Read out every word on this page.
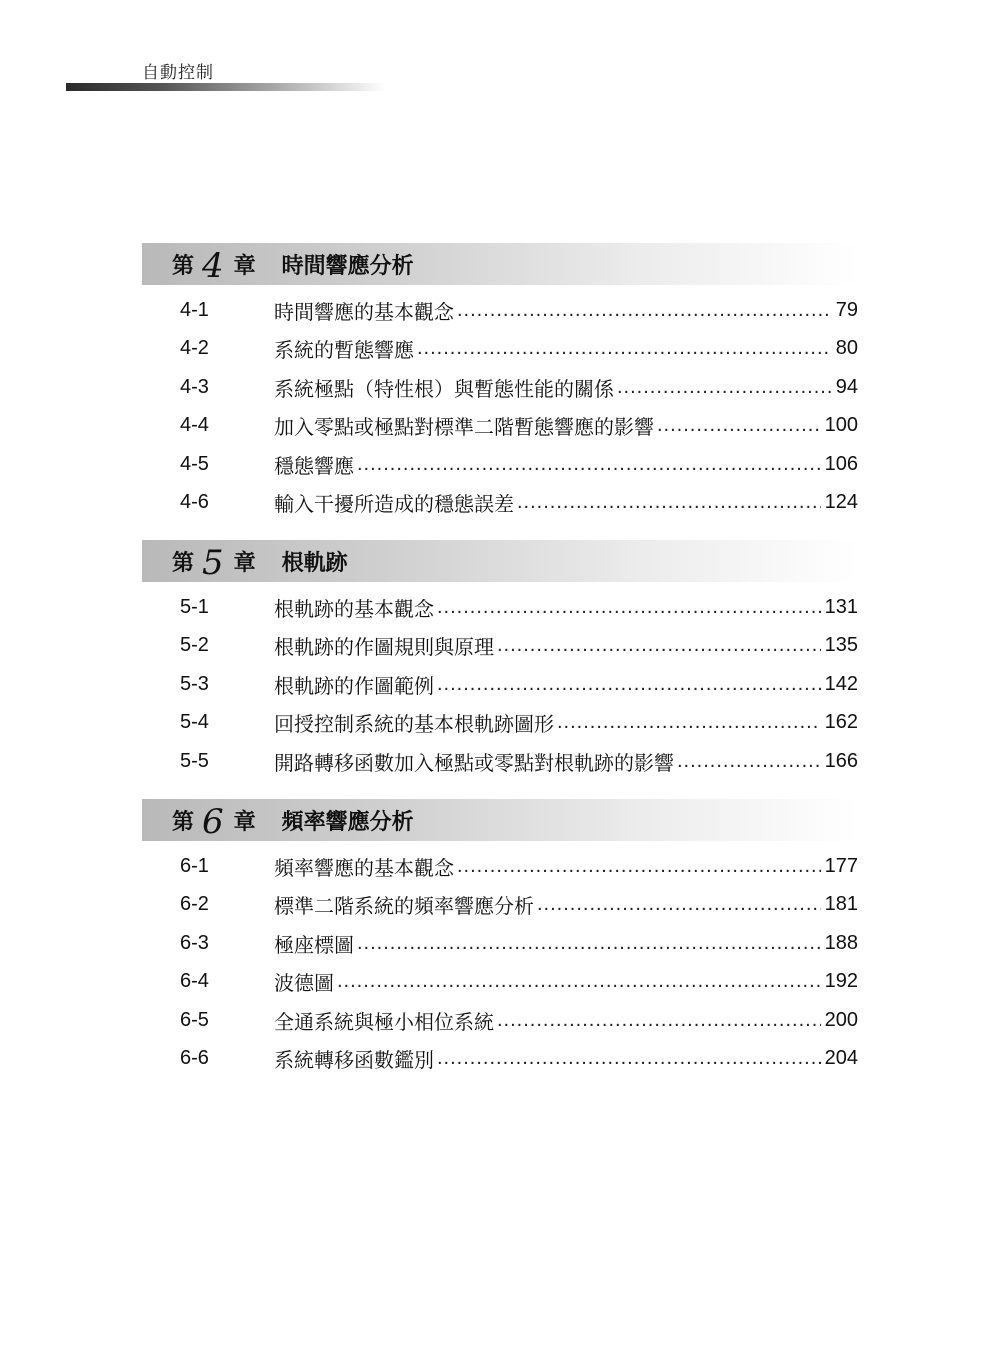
自動控制
第 4 章 時間響應分析
4-1	時間響應的基本觀念 .....	79
4-2	系統的暫態響應 .....	80
4-3	系統極點（特性根）與暫態性能的關係 .....	94
4-4	加入零點或極點對標準二階暫態響應的影響 .....	100
4-5	穩態響應 .....	106
4-6	輸入干擾所造成的穩態誤差 .....	124
第 5 章 根軌跡
5-1	根軌跡的基本觀念 .....	131
5-2	根軌跡的作圖規則與原理 .....	135
5-3	根軌跡的作圖範例 .....	142
5-4	回授控制系統的基本根軌跡圖形 .....	162
5-5	開路轉移函數加入極點或零點對根軌跡的影響 .....	166
第 6 章 頻率響應分析
6-1	頻率響應的基本觀念 .....	177
6-2	標準二階系統的頻率響應分析 .....	181
6-3	極座標圖 .....	188
6-4	波德圖 .....	192
6-5	全通系統與極小相位系統 .....	200
6-6	系統轉移函數鑑別 .....	204
